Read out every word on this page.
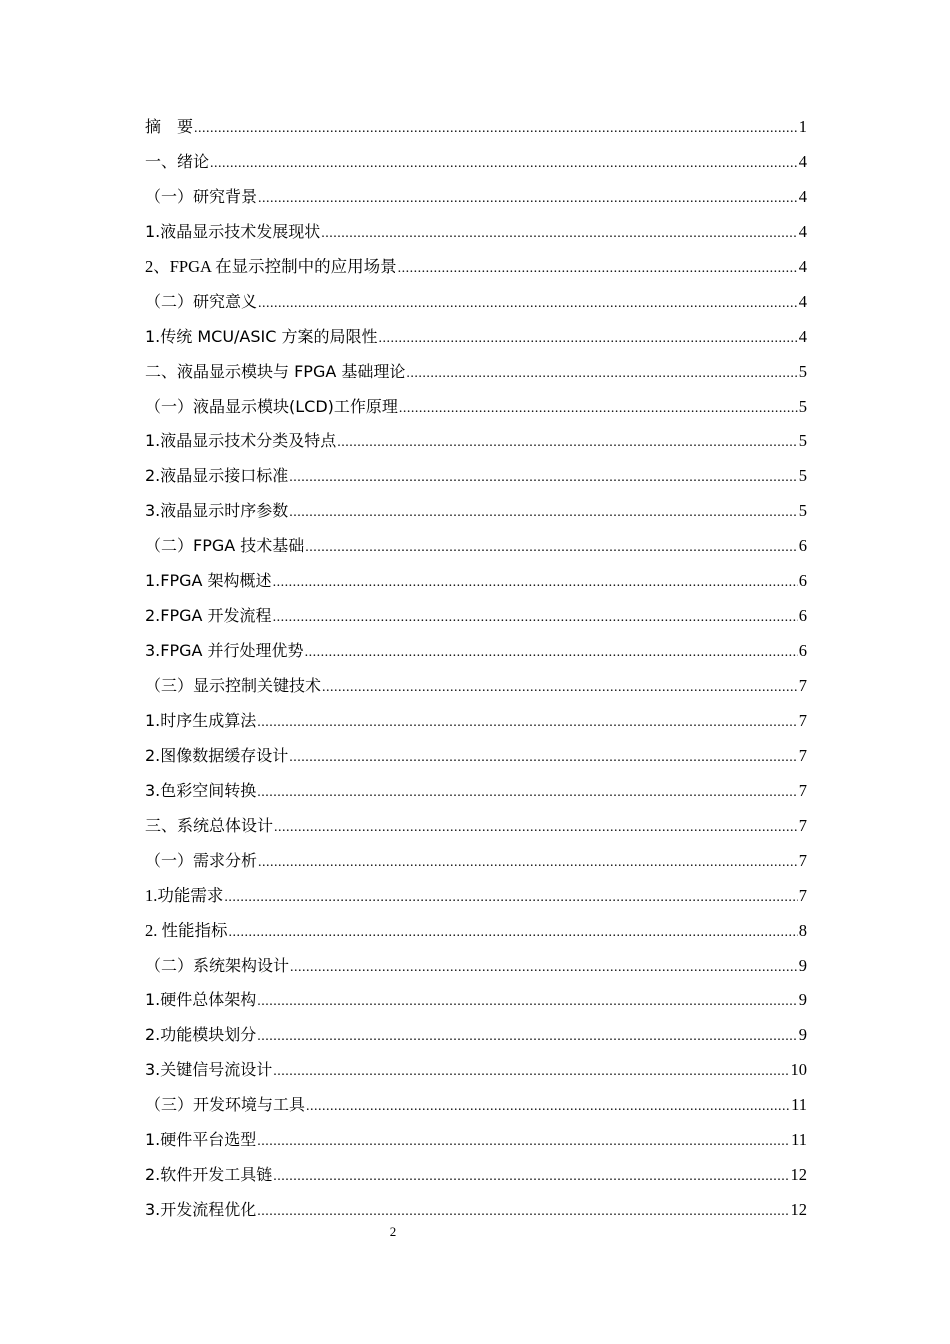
摘　要 .....	1
一、绪论 .....	4
（一）研究背景 .....	4
1.液晶显示技术发展现状 .....	4
2、FPGA 在显示控制中的应用场景 .....	4
（二）研究意义 .....	4
1.传统 MCU/ASIC 方案的局限性 .....	4
二、液晶显示模块与 FPGA 基础理论 .....	5
（一）液晶显示模块(LCD)工作原理 .....	5
1.液晶显示技术分类及特点 .....	5
2.液晶显示接口标准 .....	5
3.液晶显示时序参数 .....	5
（二）FPGA 技术基础 .....	6
1.FPGA 架构概述 .....	6
2.FPGA 开发流程 .....	6
3.FPGA 并行处理优势 .....	6
（三）显示控制关键技术 .....	7
1.时序生成算法 .....	7
2.图像数据缓存设计 .....	7
3.色彩空间转换 .....	7
三、系统总体设计 .....	7
（一）需求分析 .....	7
1.功能需求 .....	7
2. 性能指标 .....	8
（二）系统架构设计 .....	9
1.硬件总体架构 .....	9
2.功能模块划分 .....	9
3.关键信号流设计 .....	10
（三）开发环境与工具 .....	11
1.硬件平台选型 .....	11
2.软件开发工具链 .....	12
3.开发流程优化 .....	12
2
